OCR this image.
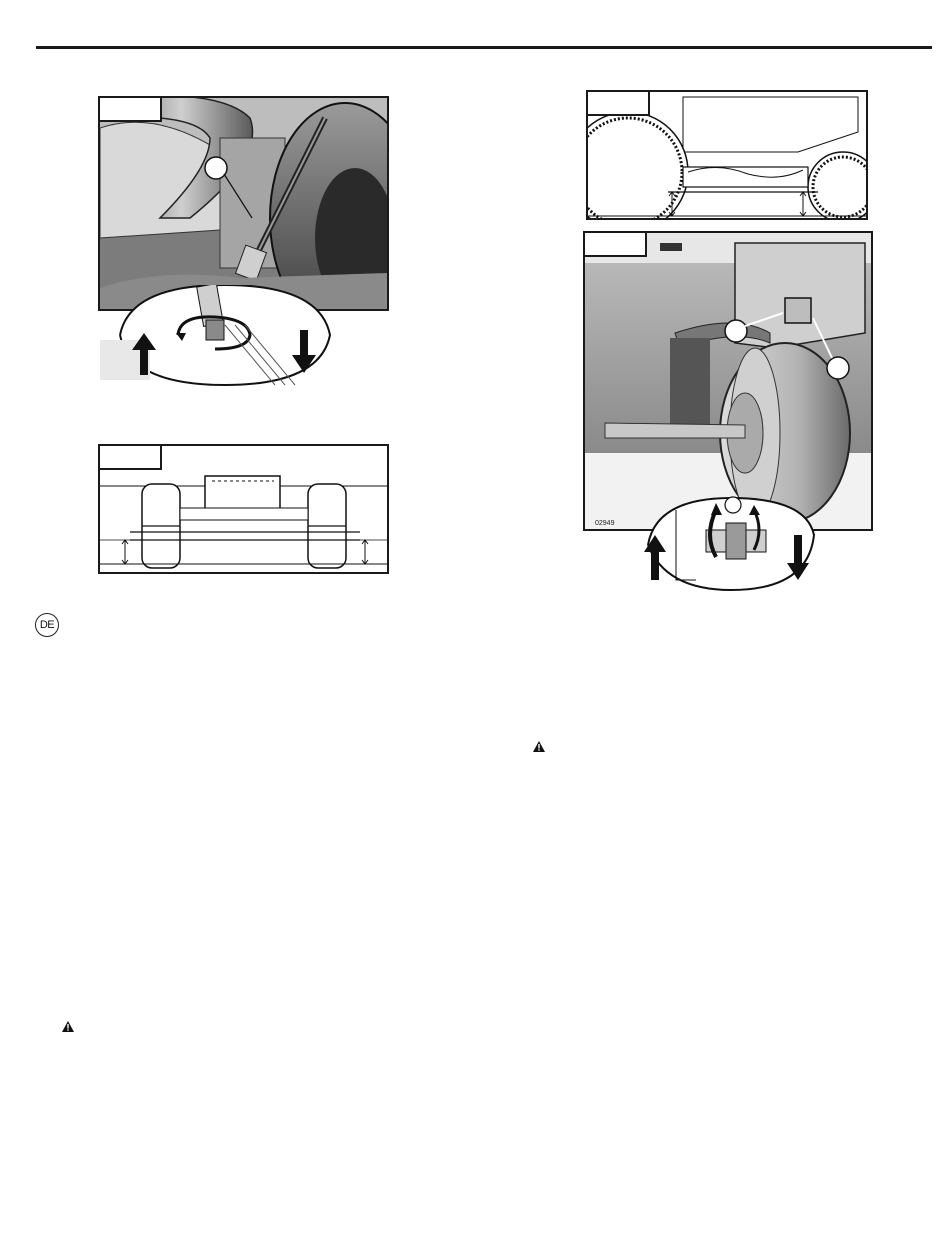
DE
02949
